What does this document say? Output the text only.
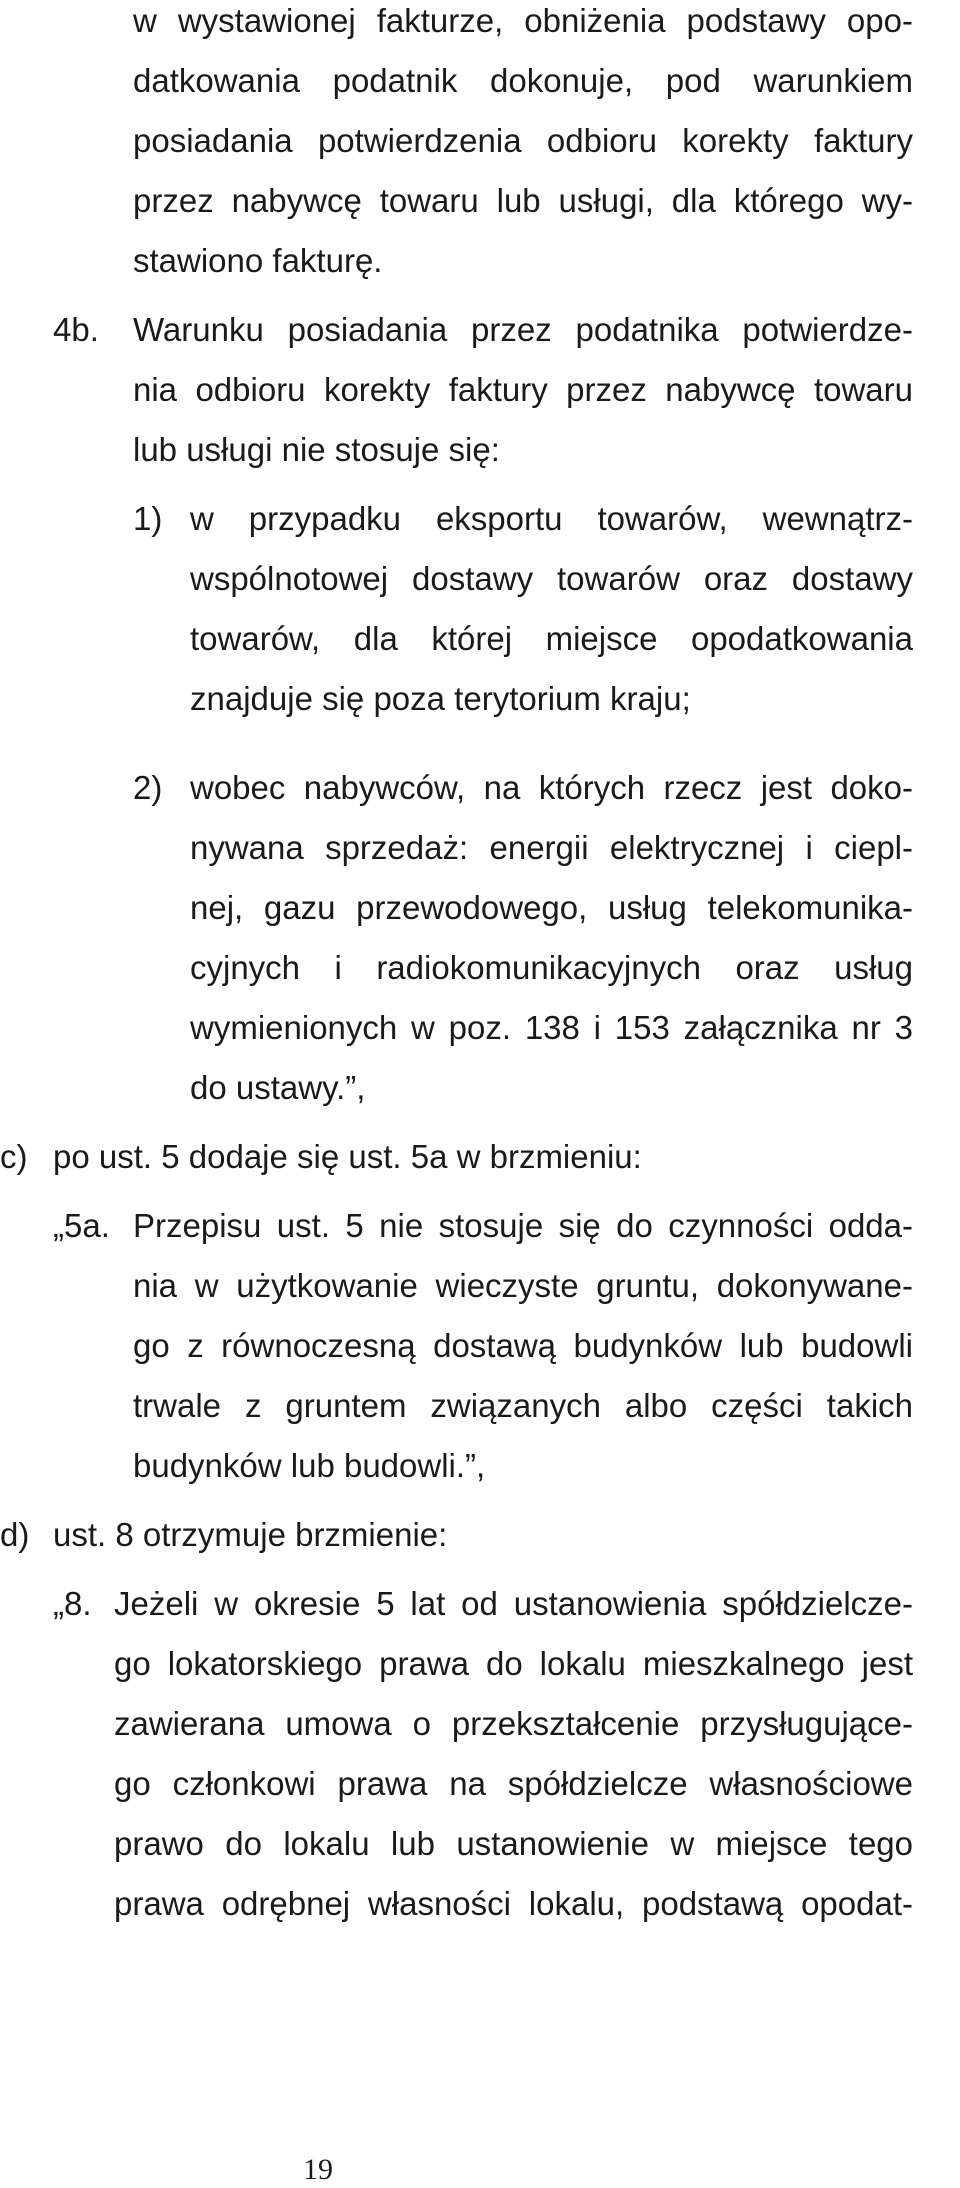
w wystawionej fakturze, obniżenia podstawy opo-
datkowania podatnik dokonuje, pod warunkiem
posiadania potwierdzenia odbioru korekty faktury
przez nabywcę towaru lub usługi, dla którego wy-
stawiono fakturę.
4b. Warunku posiadania przez podatnika potwierdze-
nia odbioru korekty faktury przez nabywcę towaru
lub usługi nie stosuje się:
1) w przypadku eksportu towarów, wewnątrz-
wspólnotowej dostawy towarów oraz dostawy
towarów, dla której miejsce opodatkowania
znajduje się poza terytorium kraju;
2) wobec nabywców, na których rzecz jest doko-
nywana sprzedaż: energii elektrycznej i ciepl-
nej, gazu przewodowego, usług telekomunika-
cyjnych i radiokomunikacyjnych oraz usług
wymienionych w poz. 138 i 153 załącznika nr 3
do ustawy.”,
c) po ust. 5 dodaje się ust. 5a w brzmieniu:
„5a. Przepisu ust. 5 nie stosuje się do czynności odda-
nia w użytkowanie wieczyste gruntu, dokonywane-
go z równoczesną dostawą budynków lub budowli
trwale z gruntem związanych albo części takich
budynków lub budowli.”,
d) ust. 8 otrzymuje brzmienie:
„8. Jeżeli w okresie 5 lat od ustanowienia spółdzielcze-
go lokatorskiego prawa do lokalu mieszkalnego jest
zawierana umowa o przekształcenie przysługujące-
go członkowi prawa na spółdzielcze własnościowe
prawo do lokalu lub ustanowienie w miejsce tego
prawa odrębnej własności lokalu, podstawą opodat-
19
